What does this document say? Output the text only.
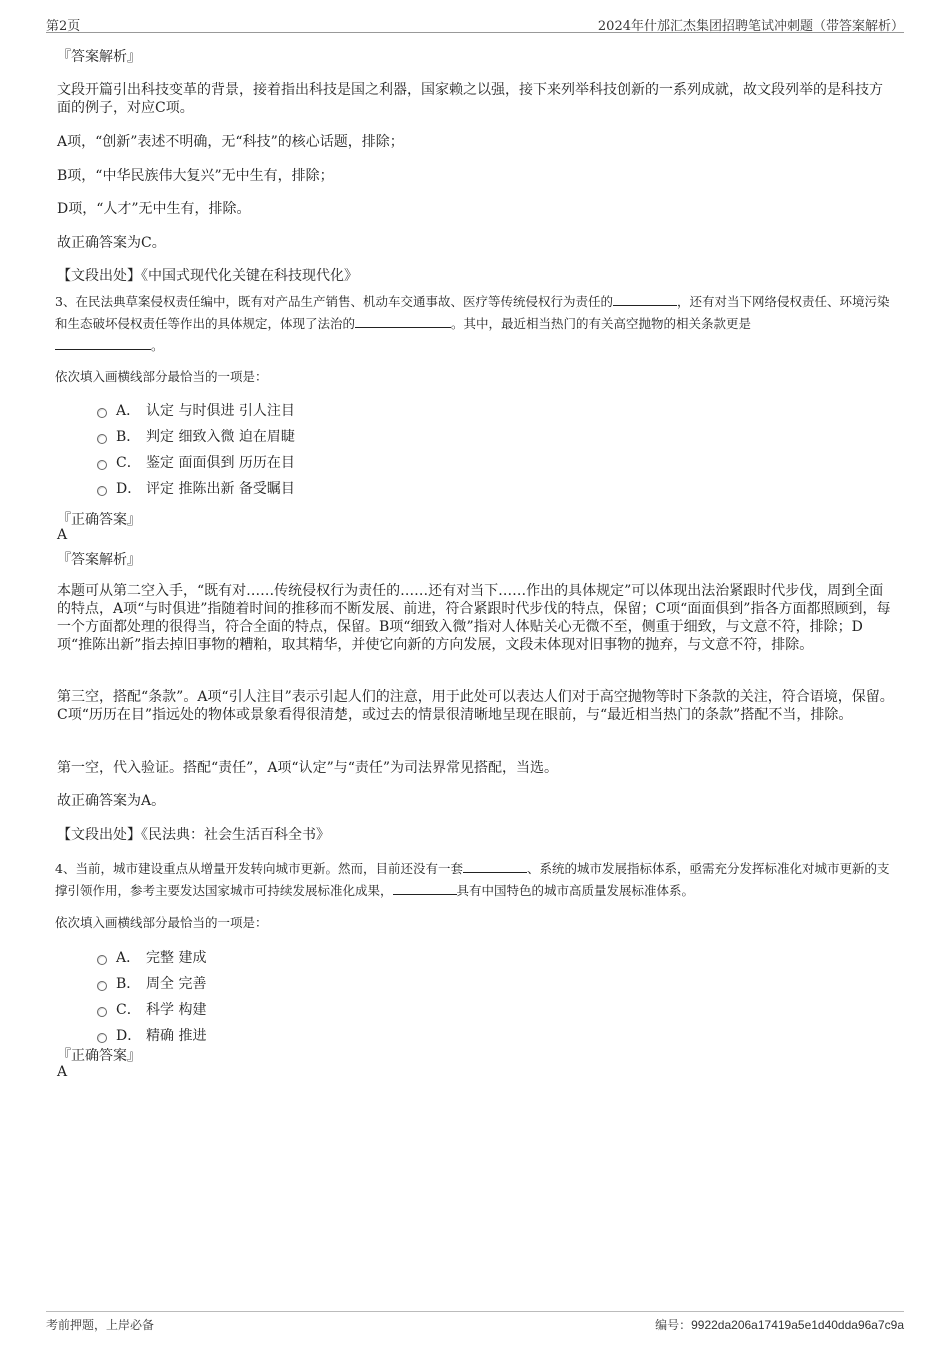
第2页	2024年什邡汇杰集团招聘笔试冲刺题（带答案解析）
『答案解析』
文段开篇引出科技变革的背景，接着指出科技是国之利器，国家赖之以强，接下来列举科技创新的一系列成就，故文段列举的是科技方面的例子，对应C项。
A项，“创新”表述不明确，无“科技”的核心话题，排除；
B项，“中华民族伟大复兴”无中生有，排除；
D项，“人才”无中生有，排除。
故正确答案为C。
【文段出处】《中国式现代化关键在科技现代化》
3、在民法典草案侵权责任编中，既有对产品生产销售、机动车交通事故、医疗等传统侵权行为责任的	，还有对当下网络侵权责任、环境污染和生态破坏侵权责任等作出的具体规定，体现了法治的	。其中，最近相当热门的有关高空抛物的相关条款更是
。
依次填入画横线部分最恰当的一项是：
A． 认定 与时俱进 引人注目
B． 判定 细致入微 迫在眉睫
C． 鉴定 面面俱到 历历在目
D． 评定 推陈出新 备受瞩目
『正确答案』
A
『答案解析』
本题可从第二空入手，“既有对……传统侵权行为责任的……还有对当下……作出的具体规定”可以体现出法治紧跟时代步伐，周到全面的特点，A项“与时俱进”指随着时间的推移而不断发展、前进，符合紧跟时代步伐的特点，保留；C项“面面俱到”指各方面都照顾到，每一个方面都处理的很得当，符合全面的特点，保留。B项“细致入微”指对人体贴关心无微不至，侧重于细致，与文意不符，排除；D项“推陈出新”指去掉旧事物的糟粕，取其精华，并使它向新的方向发展，文段未体现对旧事物的抛弃，与文意不符，排除。
第三空，搭配“条款”。A项“引人注目”表示引起人们的注意，用于此处可以表达人们对于高空抛物等时下条款的关注，符合语境，保留。C项“历历在目”指远处的物体或景象看得很清楚，或过去的情景很清晰地呈现在眼前，与“最近相当热门的条款”搭配不当，排除。
第一空，代入验证。搭配“责任”，A项“认定”与“责任”为司法界常见搭配，当选。
故正确答案为A。
【文段出处】《民法典：社会生活百科全书》
4、当前，城市建设重点从增量开发转向城市更新。然而，目前还没有一套	、系统的城市发展指标体系，亟需充分发挥标准化对城市更新的支撑引领作用，参考主要发达国家城市可持续发展标准化成果，	具有中国特色的城市高质量发展标准体系。
依次填入画横线部分最恰当的一项是：
A． 完整 建成
B． 周全 完善
C． 科学 构建
D． 精确 推进
『正确答案』
A
考前押题，上岸必备	编号：9922da206a17419a5e1d40dda96a7c9a
